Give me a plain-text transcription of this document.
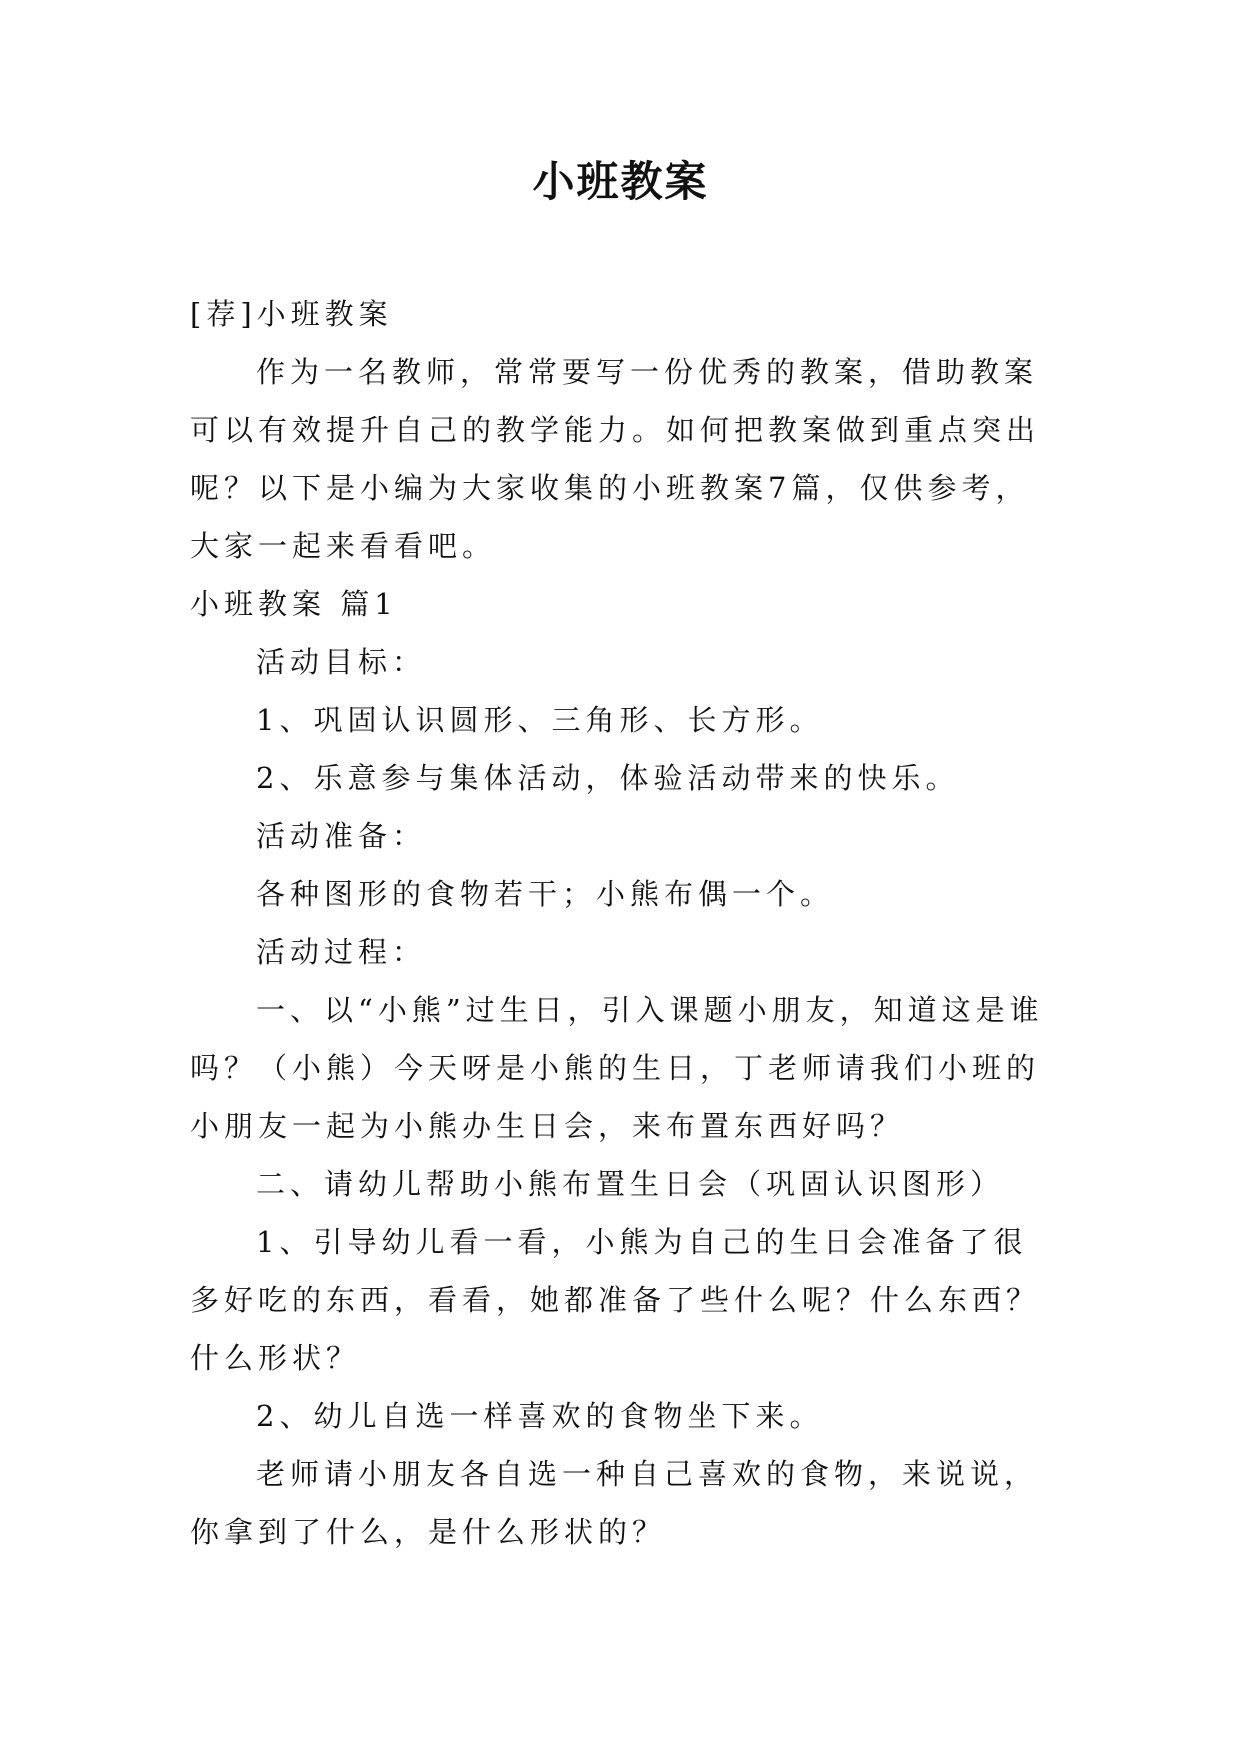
小班教案

[荐]小班教案

作为一名教师，常常要写一份优秀的教案，借助教案可以有效提升自己的教学能力。如何把教案做到重点突出呢？以下是小编为大家收集的小班教案7篇，仅供参考，大家一起来看看吧。

小班教案 篇1

活动目标：

1、巩固认识圆形、三角形、长方形。

2、乐意参与集体活动，体验活动带来的快乐。

活动准备：

各种图形的食物若干；小熊布偶一个。

活动过程：

一、以“小熊”过生日，引入课题小朋友，知道这是谁吗？（小熊）今天呀是小熊的生日，丁老师请我们小班的小朋友一起为小熊办生日会，来布置东西好吗？

二、请幼儿帮助小熊布置生日会（巩固认识图形）

1、引导幼儿看一看，小熊为自己的生日会准备了很多好吃的东西，看看，她都准备了些什么呢？什么东西？什么形状？

2、幼儿自选一样喜欢的食物坐下来。

老师请小朋友各自选一种自己喜欢的食物，来说说，你拿到了什么，是什么形状的？
